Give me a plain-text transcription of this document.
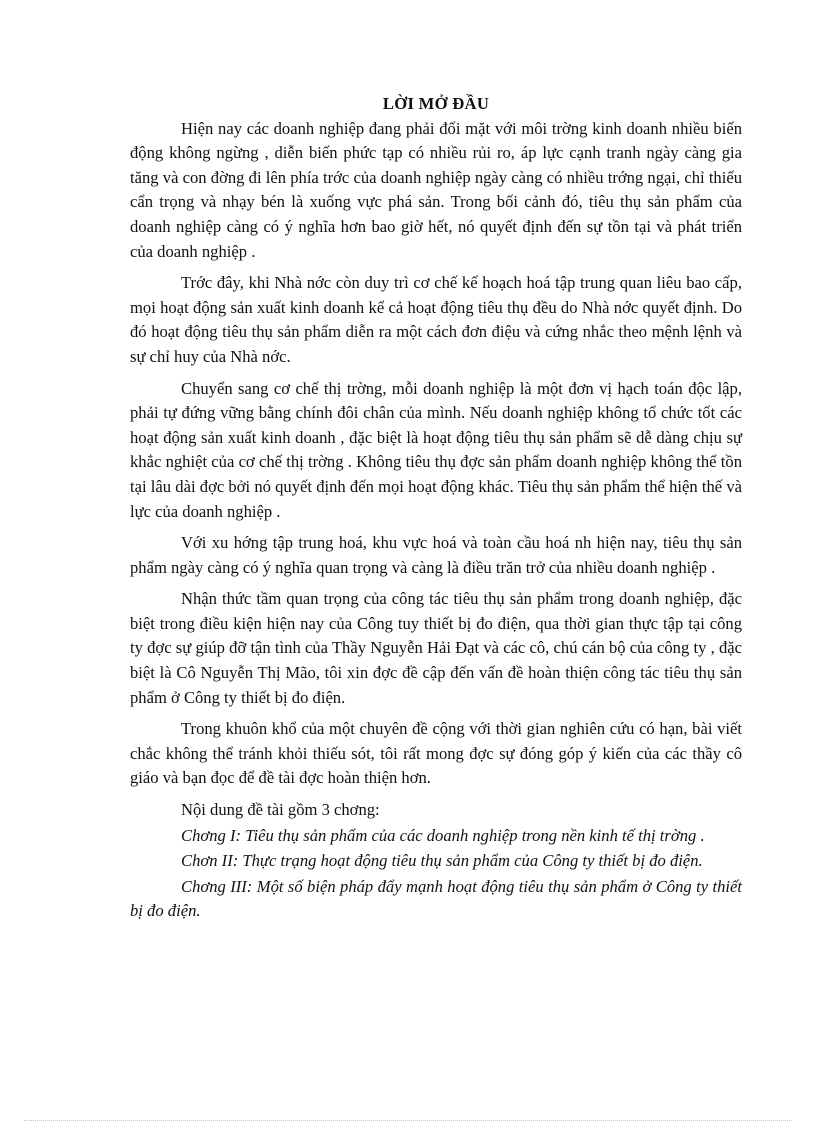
LỜI MỞ ĐẦU

Hiện nay các doanh nghiệp đang phải đối mặt với môi trờng kinh doanh nhiều biến động không ngừng , diễn biến phức tạp có nhiều rủi ro, áp lực cạnh tranh ngày càng gia tăng và con đờng đi lên phía trớc của doanh nghiệp ngày càng có nhiều trớng ngại, chỉ thiếu cẩn trọng và nhạy bén là xuống vực phá sản. Trong bối cảnh đó, tiêu thụ sản phẩm của doanh nghiệp càng có ý nghĩa hơn bao giờ hết, nó quyết định đến sự tồn tại và phát triển của doanh nghiệp .

Trớc đây, khi Nhà nớc còn duy trì cơ chế kế hoạch hoá tập trung quan liêu bao cấp, mọi hoạt động sản xuất kinh doanh kể cả hoạt động tiêu thụ đều do Nhà nớc quyết định. Do đó hoạt động tiêu thụ sản phẩm diễn ra một cách đơn điệu và cứng nhắc theo mệnh lệnh và sự chỉ huy của Nhà nớc.

Chuyển sang cơ chế thị trờng, mỗi doanh nghiệp là một đơn vị hạch toán độc lập, phải tự đứng vững bằng chính đôi chân của mình. Nếu doanh nghiệp không tổ chức tốt các hoạt động sản xuất kinh doanh , đặc biệt là hoạt động tiêu thụ sản phẩm sẽ dễ dàng chịu sự khắc nghiệt của cơ chế thị trờng . Không tiêu thụ đợc sản phẩm doanh nghiệp không thể tồn tại lâu dài đợc bởi nó quyết định đến mọi hoạt động khác. Tiêu thụ sản phẩm thể hiện thế và lực của doanh nghiệp .

Với xu hớng tập trung hoá, khu vực hoá và toàn cầu hoá nh hiện nay, tiêu thụ sản phẩm ngày càng có ý nghĩa quan trọng và càng là điều trăn trở của nhiều doanh nghiệp .

Nhận thức tầm quan trọng của công tác tiêu thụ sản phẩm trong doanh nghiệp, đặc biệt trong điều kiện hiện nay của Công tuy thiết bị đo điện, qua thời gian thực tập tại công ty đợc sự giúp đỡ tận tình của Thầy Nguyễn Hải Đạt và các cô, chú cán bộ của công ty , đặc biệt là Cô Nguyễn Thị Mão, tôi xin đợc đề cập đến vấn đề hoàn thiện công tác tiêu thụ sản phẩm ở Công ty thiết bị đo điện.

Trong khuôn khổ của một chuyên đề cộng với thời gian nghiên cứu có hạn, bài viết chắc không thể tránh khỏi thiếu sót, tôi rất mong đợc sự đóng góp ý kiến của các thầy cô giáo và bạn đọc để đề tài đợc hoàn thiện hơn.

Nội dung đề tài gồm 3 chơng:

Chơng I: Tiêu thụ sản phẩm của các doanh nghiệp trong nền kinh tế thị trờng .

Chơn II: Thực trạng hoạt động tiêu thụ sản phẩm của Công ty thiết bị đo điện.

Chơng III: Một số biện pháp đẩy mạnh hoạt động tiêu thụ sản phẩm ở Công ty thiết bị đo điện.
